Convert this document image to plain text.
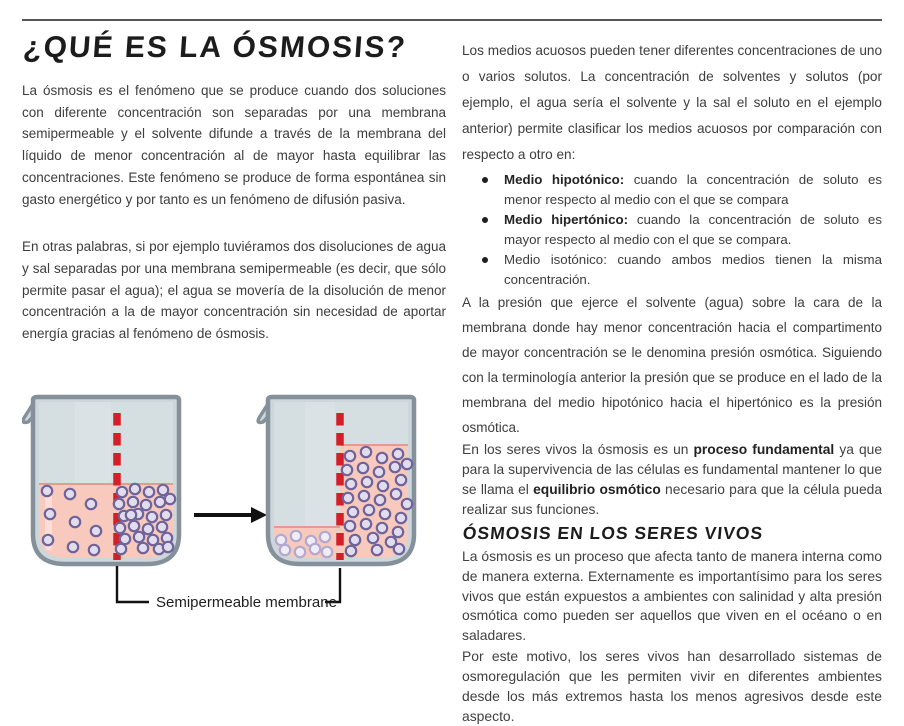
¿QUÉ ES LA ÓSMOSIS?

La ósmosis es el fenómeno que se produce cuando dos soluciones con diferente concentración son separadas por una membrana semipermeable y el solvente difunde a través de la membrana del líquido de menor concentración al de mayor hasta equilibrar las concentraciones. Este fenómeno se produce de forma espontánea sin gasto energético y por tanto es un fenómeno de difusión pasiva.

En otras palabras, si por ejemplo tuviéramos dos disoluciones de agua y sal separadas por una membrana semipermeable (es decir, que sólo permite pasar el agua); el agua se movería de la disolución de menor concentración a la de mayor concentración sin necesidad de aportar energía gracias al fenómeno de ósmosis.

Semipermeable membrane

Los medios acuosos pueden tener diferentes concentraciones de uno o varios solutos. La concentración de solventes y solutos (por ejemplo, el agua sería el solvente y la sal el soluto en el ejemplo anterior) permite clasificar los medios acuosos por comparación con respecto a otro en:

Medio hipotónico: cuando la concentración de soluto es menor respecto al medio con el que se compara
Medio hipertónico: cuando la concentración de soluto es mayor respecto al medio con el que se compara.
Medio isotónico: cuando ambos medios tienen la misma concentración.

A la presión que ejerce el solvente (agua) sobre la cara de la membrana donde hay menor concentración hacia el compartimento de mayor concentración se le denomina presión osmótica. Siguiendo con la terminología anterior la presión que se produce en el lado de la membrana del medio hipotónico hacia el hipertónico es la presión osmótica.

En los seres vivos la ósmosis es un proceso fundamental ya que para la supervivencia de las células es fundamental mantener lo que se llama el equilibrio osmótico necesario para que la célula pueda realizar sus funciones.

ÓSMOSIS EN LOS SERES VIVOS

La ósmosis es un proceso que afecta tanto de manera interna como de manera externa. Externamente es importantísimo para los seres vivos que están expuestos a ambientes con salinidad y alta presión osmótica como pueden ser aquellos que viven en el océano o en saladares.

Por este motivo, los seres vivos han desarrollado sistemas de osmoregulación que les permiten vivir en diferentes ambientes desde los más extremos hasta los menos agresivos desde este aspecto.
